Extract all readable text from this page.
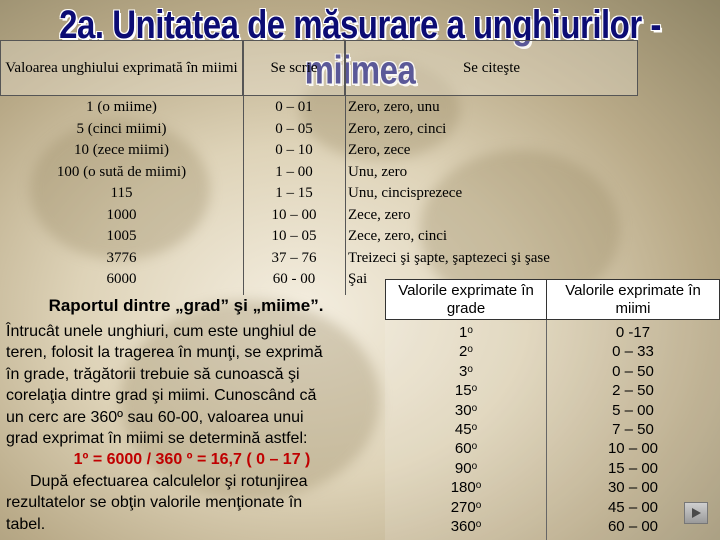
2a. Unitatea de măsurare a unghiurilor - miimea
Valoarea unghiului exprimată în miimi	Se scrie	Se citeşte
1 (o miime)
5 (cinci miimi)
10 (zece miimi)
100 (o sută de miimi)
115
1000
1005
3776
6000
0 – 01
0 – 05
0 – 10
1 – 00
1 – 15
10 – 00
10 – 05
37 – 76
60 - 00
Zero, zero, unu
Zero, zero, cinci
Zero, zece
Unu, zero
Unu, cincisprezece
Zece, zero
Zece, zero, cinci
Treizeci şi şapte, şaptezeci şi şase
Şai
Raportul dintre „grad” şi „miime”.
Întrucât unele unghiuri, cum este unghiul de
teren, folosit la tragerea în munţi, se exprimă
în grade, trăgătorii trebuie să cunoască şi
corelaţia dintre grad şi miimi. Cunoscând că
un cerc are 360º sau 60-00, valoarea unui
grad exprimat în miimi se determină astfel:
1º = 6000 / 360 º = 16,7 ( 0 – 17 )
După efectuarea calculelor şi rotunjirea
rezultatelor se obţin valorile menţionate în
tabel.
Valorile exprimate în grade
Valorile exprimate în miimi
1$^o$
2$^o$
3$^o$
15$^o$
30$^o$
45$^o$
60$^o$
90$^o$
180$^o$
270$^o$
360$^o$
0 -17
0 – 33
0 – 50
2 – 50
5 – 00
7 – 50
10 – 00
15 – 00
30 – 00
45 – 00
60 – 00
